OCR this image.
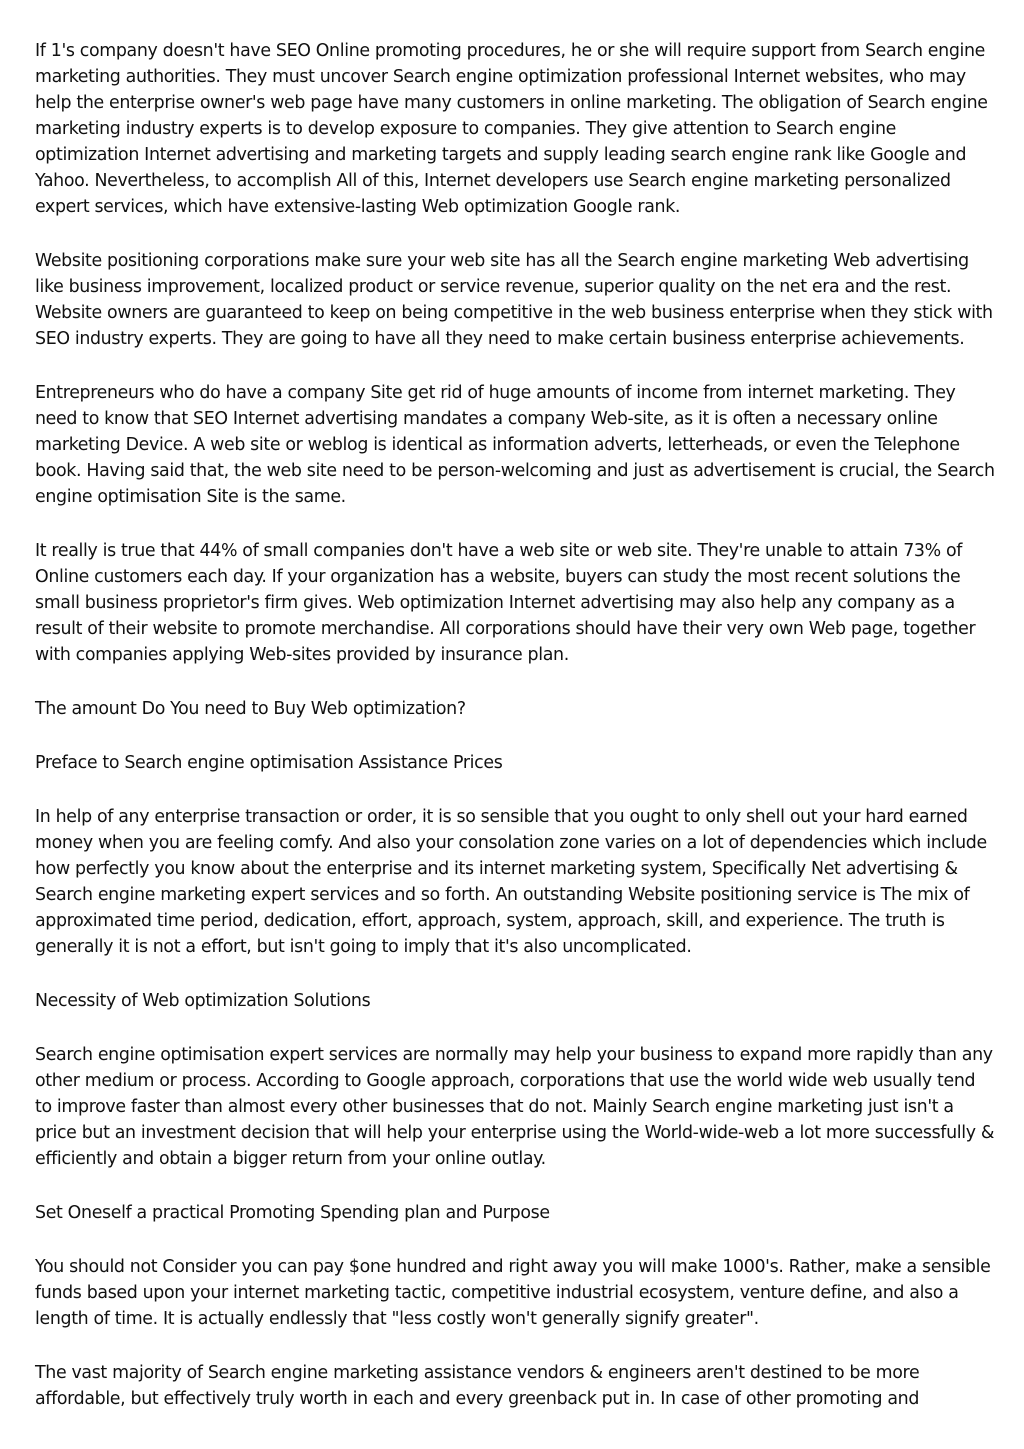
If 1's company doesn't have SEO Online promoting procedures, he or she will require support from Search engine marketing authorities. They must uncover Search engine optimization professional Internet websites, who may help the enterprise owner's web page have many customers in online marketing. The obligation of Search engine marketing industry experts is to develop exposure to companies. They give attention to Search engine optimization Internet advertising and marketing targets and supply leading search engine rank like Google and Yahoo. Nevertheless, to accomplish All of this, Internet developers use Search engine marketing personalized expert services, which have extensive-lasting Web optimization Google rank.

Website positioning corporations make sure your web site has all the Search engine marketing Web advertising like business improvement, localized product or service revenue, superior quality on the net era and the rest. Website owners are guaranteed to keep on being competitive in the web business enterprise when they stick with SEO industry experts. They are going to have all they need to make certain business enterprise achievements.

Entrepreneurs who do have a company Site get rid of huge amounts of income from internet marketing. They need to know that SEO Internet advertising mandates a company Web-site, as it is often a necessary online marketing Device. A web site or weblog is identical as information adverts, letterheads, or even the Telephone book. Having said that, the web site need to be person-welcoming and just as advertisement is crucial, the Search engine optimisation Site is the same.

It really is true that 44% of small companies don't have a web site or web site. They're unable to attain 73% of Online customers each day. If your organization has a website, buyers can study the most recent solutions the small business proprietor's firm gives. Web optimization Internet advertising may also help any company as a result of their website to promote merchandise. All corporations should have their very own Web page, together with companies applying Web-sites provided by insurance plan.

The amount Do You need to Buy Web optimization?

Preface to Search engine optimisation Assistance Prices

In help of any enterprise transaction or order, it is so sensible that you ought to only shell out your hard earned money when you are feeling comfy. And also your consolation zone varies on a lot of dependencies which include how perfectly you know about the enterprise and its internet marketing system, Specifically Net advertising & Search engine marketing expert services and so forth. An outstanding Website positioning service is The mix of approximated time period, dedication, effort, approach, system, approach, skill, and experience. The truth is generally it is not a effort, but isn't going to imply that it's also uncomplicated.

Necessity of Web optimization Solutions

Search engine optimisation expert services are normally may help your business to expand more rapidly than any other medium or process. According to Google approach, corporations that use the world wide web usually tend to improve faster than almost every other businesses that do not. Mainly Search engine marketing just isn't a price but an investment decision that will help your enterprise using the World-wide-web a lot more successfully & efficiently and obtain a bigger return from your online outlay.

Set Oneself a practical Promoting Spending plan and Purpose

You should not Consider you can pay $one hundred and right away you will make 1000's. Rather, make a sensible funds based upon your internet marketing tactic, competitive industrial ecosystem, venture define, and also a length of time. It is actually endlessly that "less costly won't generally signify greater".

The vast majority of Search engine marketing assistance vendors & engineers aren't destined to be more affordable, but effectively truly worth in each and every greenback put in. In case of other promoting and
